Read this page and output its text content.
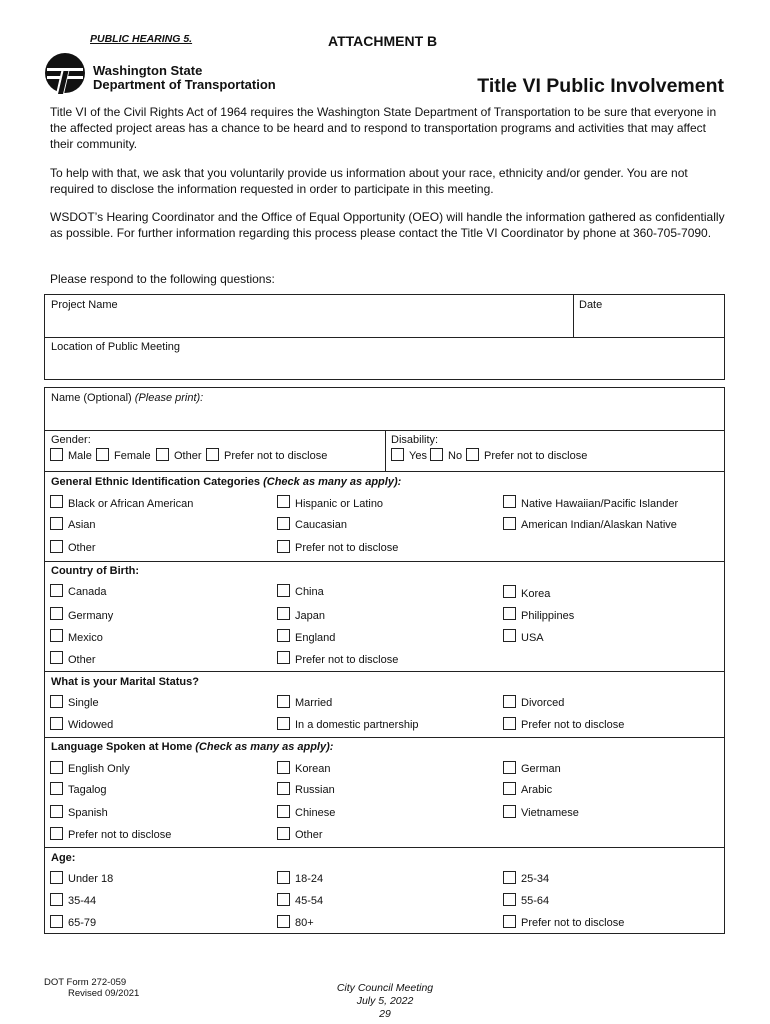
PUBLIC HEARING 5.	ATTACHMENT B
Washington State
Department of Transportation	Title VI Public Involvement
Title VI of the Civil Rights Act of 1964 requires the Washington State Department of Transportation to be sure that everyone in the affected project areas has a chance to be heard and to respond to transportation programs and activities that may affect their community.
To help with that, we ask that you voluntarily provide us information about your race, ethnicity and/or gender. You are not required to disclose the information requested in order to participate in this meeting.
WSDOT’s Hearing Coordinator and the Office of Equal Opportunity (OEO) will handle the information gathered as confidentially as possible. For further information regarding this process please contact the Title VI Coordinator by phone at 360-705-7090.
Please respond to the following questions:
Project Name	Date
Location of Public Meeting
Name (Optional) (Please print):
Gender:
Male Female Other Prefer not to disclose
Disability:
Yes No Prefer not to disclose
General Ethnic Identification Categories (Check as many as apply):
Black or African American	Hispanic or Latino	Native Hawaiian/Pacific Islander
Asian	Caucasian	American Indian/Alaskan Native
Other	Prefer not to disclose
Country of Birth:
Canada	China	Korea
Germany	Japan	Philippines
Mexico	England	USA
Other	Prefer not to disclose
What is your Marital Status?
Single	Married	Divorced
Widowed	In a domestic partnership	Prefer not to disclose
Language Spoken at Home (Check as many as apply):
English Only	Korean	German
Tagalog	Russian	Arabic
Spanish	Chinese	Vietnamese
Prefer not to disclose	Other
Age:
Under 18	18-24	25-34
35-44	45-54	55-64
65-79	80+	Prefer not to disclose
DOT Form 272-059
Revised 09/2021	City Council Meeting
July 5, 2022
29
